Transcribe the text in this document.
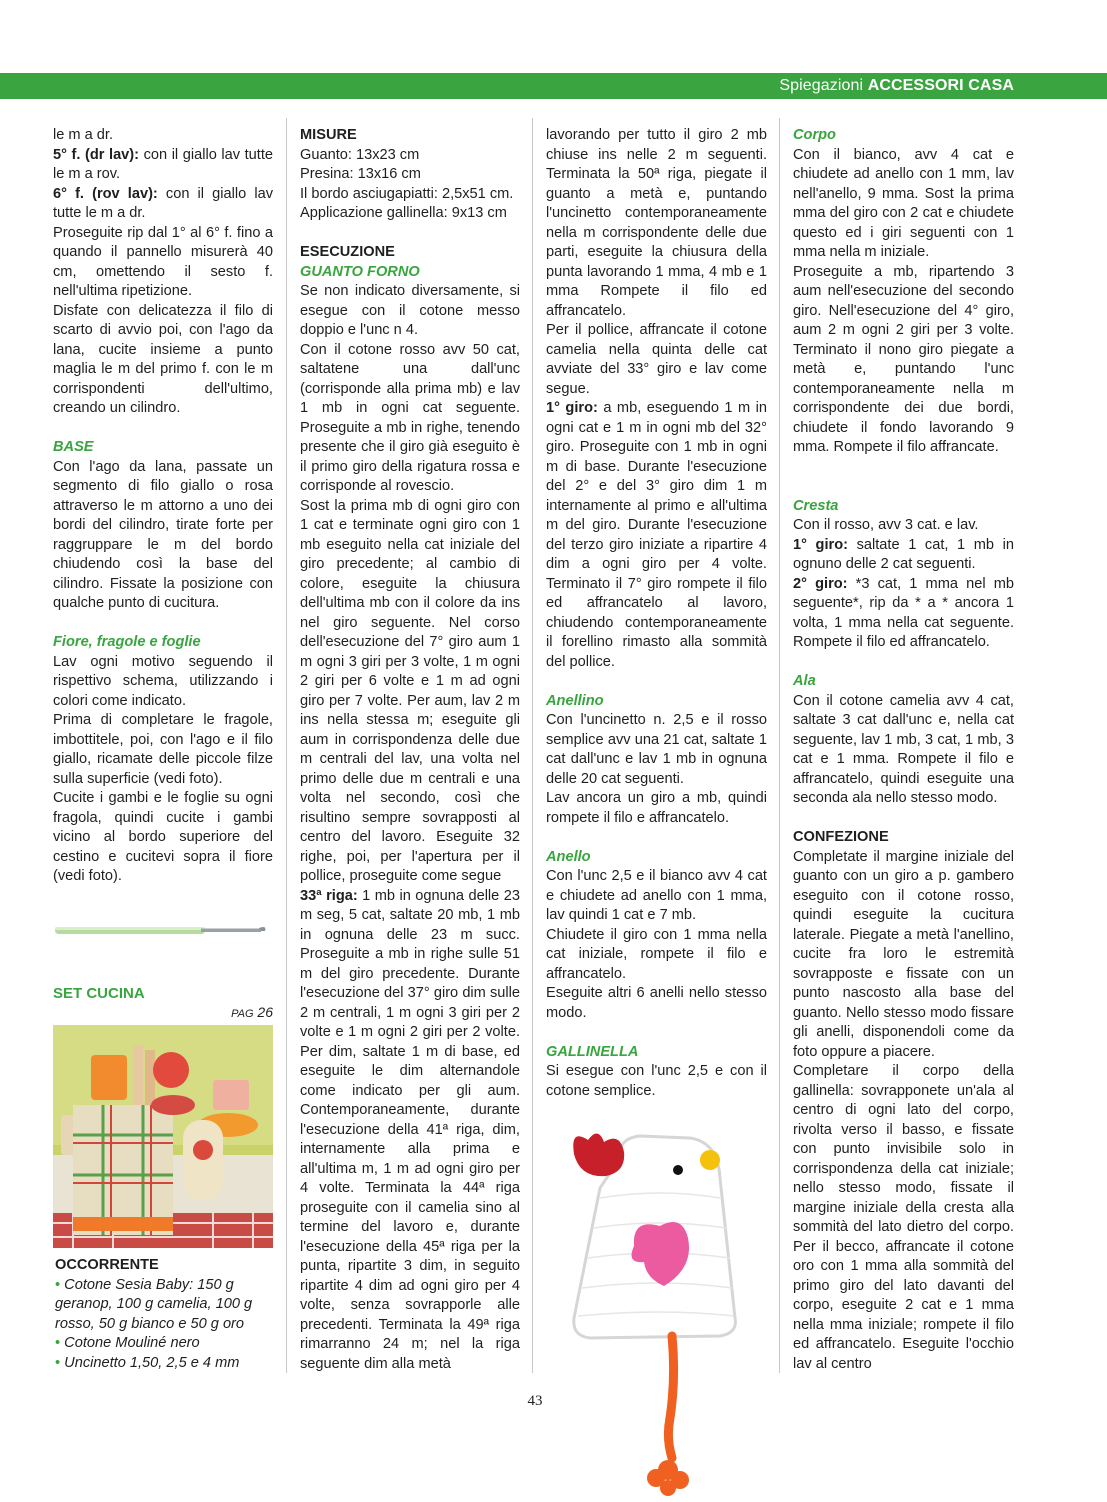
Spiegazioni ACCESSORI CASA

le m a dr.

5° f. (dr lav): con il giallo lav tutte le m a rov.

6° f. (rov lav): con il giallo lav tutte le m a dr.

Proseguite rip dal 1° al 6° f. fino a quando il pannello misurerà 40 cm, omettendo il sesto f. nell'ultima ripetizione.

Disfate con delicatezza il filo di scarto di avvio poi, con l'ago da lana, cucite insieme a punto maglia le m del primo f. con le m corrispondenti dell'ultimo, creando un cilindro.

BASE

Con l'ago da lana, passate un segmento di filo giallo o rosa attraverso le m attorno a uno dei bordi del cilindro, tirate forte per raggruppare le m del bordo chiudendo così la base del cilindro. Fissate la posizione con qualche punto di cucitura.

Fiore, fragole e foglie

Lav ogni motivo seguendo il rispettivo schema, utilizzando i colori come indicato.

Prima di completare le fragole, imbottitele, poi, con l'ago e il filo giallo, ricamate delle piccole filze sulla superficie (vedi foto).

Cucite i gambi e le foglie su ogni fragola, quindi cucite i gambi vicino al bordo superiore del cestino e cucitevi sopra il fiore (vedi foto).

SET CUCINA
PAG 26
OCCORRENTE
• Cotone Sesia Baby: 150 g geranop, 100 g camelia, 100 g rosso, 50 g bianco e 50 g oro
• Cotone Mouliné nero
• Uncinetto 1,50, 2,5 e 4 mm

MISURE

Guanto: 13x23 cm

Presina: 13x16 cm

Il bordo asciugapiatti: 2,5x51 cm.

Applicazione gallinella: 9x13 cm

ESECUZIONE

GUANTO FORNO

Se non indicato diversamente, si esegue con il cotone messo doppio e l'unc n 4.

Con il cotone rosso avv 50 cat, saltatene una dall'unc (corrisponde alla prima mb) e lav 1 mb in ogni cat seguente. Proseguite a mb in righe, tenendo presente che il giro già eseguito è il primo giro della rigatura rossa e corrisponde al rovescio.

Sost la prima mb di ogni giro con 1 cat e terminate ogni giro con 1 mb eseguito nella cat iniziale del giro precedente; al cambio di colore, eseguite la chiusura dell'ultima mb con il colore da ins nel giro seguente. Nel corso dell'esecuzione del 7° giro aum 1 m ogni 3 giri per 3 volte, 1 m ogni 2 giri per 6 volte e 1 m ad ogni giro per 7 volte. Per aum, lav 2 m ins nella stessa m; eseguite gli aum in corrispondenza delle due m centrali del lav, una volta nel primo delle due m centrali e una volta nel secondo, così che risultino sempre sovrapposti al centro del lavoro. Eseguite 32 righe, poi, per l'apertura per il pollice, proseguite come segue

33ª riga: 1 mb in ognuna delle 23 m seg, 5 cat, saltate 20 mb, 1 mb in ognuna delle 23 m succ. Proseguite a mb in righe sulle 51 m del giro precedente. Durante l'esecuzione del 37° giro dim sulle 2 m centrali, 1 m ogni 3 giri per 2 volte e 1 m ogni 2 giri per 2 volte. Per dim, saltate 1 m di base, ed eseguite le dim alternandole come indicato per gli aum. Contemporaneamente, durante l'esecuzione della 41ª riga, dim, internamente alla prima e all'ultima m, 1 m ad ogni giro per 4 volte. Terminata la 44ª riga proseguite con il camelia sino al termine del lavoro e, durante l'esecuzione della 45ª riga per la punta, ripartite 3 dim, in seguito ripartite 4 dim ad ogni giro per 4 volte, senza sovrapporle alle precedenti. Terminata la 49ª riga rimarranno 24 m; nel la riga seguente dim alla metà

lavorando per tutto il giro 2 mb chiuse ins nelle 2 m seguenti. Terminata la 50ª riga, piegate il guanto a metà e, puntando l'uncinetto contemporaneamente nella m corrispondente delle due parti, eseguite la chiusura della punta lavorando 1 mma, 4 mb e 1 mma Rompete il filo ed affrancatelo.

Per il pollice, affrancate il cotone camelia nella quinta delle cat avviate del 33° giro e lav come segue.

1° giro: a mb, eseguendo 1 m in ogni cat e 1 m in ogni mb del 32° giro. Proseguite con 1 mb in ogni m di base. Durante l'esecuzione del 2° e del 3° giro dim 1 m internamente al primo e all'ultima m del giro. Durante l'esecuzione del terzo giro iniziate a ripartire 4 dim a ogni giro per 4 volte. Terminato il 7° giro rompete il filo ed affrancatelo al lavoro, chiudendo contemporaneamente il forellino rimasto alla sommità del pollice.

Anellino

Con l'uncinetto n. 2,5 e il rosso semplice avv una 21 cat, saltate 1 cat dall'unc e lav 1 mb in ognuna delle 20 cat seguenti.

Lav ancora un giro a mb, quindi rompete il filo e affrancatelo.

Anello

Con l'unc 2,5 e il bianco avv 4 cat e chiudete ad anello con 1 mma, lav quindi 1 cat e 7 mb.

Chiudete il giro con 1 mma nella cat iniziale, rompete il filo e affrancatelo.

Eseguite altri 6 anelli nello stesso modo.

GALLINELLA

Si esegue con l'unc 2,5 e con il cotone semplice.

Corpo

Con il bianco, avv 4 cat e chiudete ad anello con 1 mm, lav nell'anello, 9 mma. Sost la prima mma del giro con 2 cat e chiudete questo ed i giri seguenti con 1 mma nella m iniziale.

Proseguite a mb, ripartendo 3 aum nell'esecuzione del secondo giro. Nell'esecuzione del 4° giro, aum 2 m ogni 2 giri per 3 volte. Terminato il nono giro piegate a metà e, puntando l'unc contemporaneamente nella m corrispondente dei due bordi, chiudete il fondo lavorando 9 mma. Rompete il filo affrancate.

Cresta

Con il rosso, avv 3 cat. e lav.

1° giro: saltate 1 cat, 1 mb in ognuno delle 2 cat seguenti.

2° giro: *3 cat, 1 mma nel mb seguente*, rip da * a * ancora 1 volta, 1 mma nella cat seguente. Rompete il filo ed affrancatelo.

Ala

Con il cotone camelia avv 4 cat, saltate 3 cat dall'unc e, nella cat seguente, lav 1 mb, 3 cat, 1 mb, 3 cat e 1 mma. Rompete il filo e affrancatelo, quindi eseguite una seconda ala nello stesso modo.

CONFEZIONE

Completate il margine iniziale del guanto con un giro a p. gambero eseguito con il cotone rosso, quindi eseguite la cucitura laterale. Piegate a metà l'anellino, cucite fra loro le estremità sovrapposte e fissate con un punto nascosto alla base del guanto. Nello stesso modo fissare gli anelli, disponendoli come da foto oppure a piacere.

Completare il corpo della gallinella: sovrapponete un'ala al centro di ogni lato del corpo, rivolta verso il basso, e fissate con punto invisibile solo in corrispondenza della cat iniziale; nello stesso modo, fissate il margine iniziale della cresta alla sommità del lato dietro del corpo. Per il becco, affrancate il cotone oro con 1 mma alla sommità del primo giro del lato davanti del corpo, eseguite 2 cat e 1 mma nella mma iniziale; rompete il filo ed affrancatelo. Eseguite l'occhio lav al centro

43
